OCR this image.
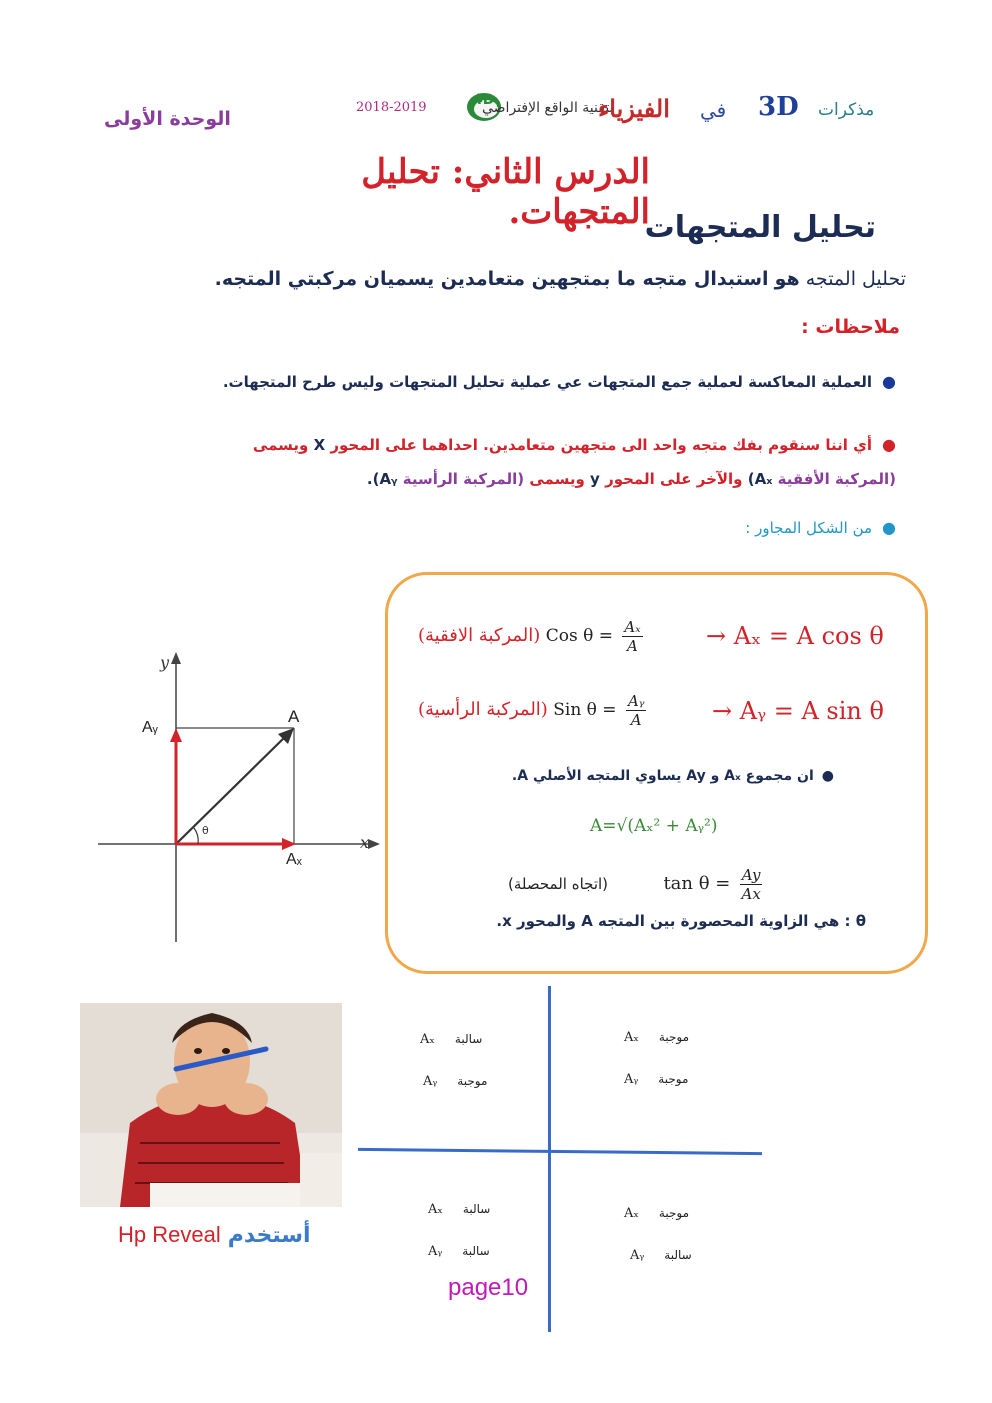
الوحدة الأولى
2018-2019	4D
بتقنية الواقع الإفتراضي
الفيزياء في 3D مذكرات
الدرس الثاني: تحليل المتجهات.
تحليل المتجهات
تحليل المتجه هو استبدال متجه ما بمتجهين متعامدين يسميان مركبتي المتجه.
ملاحظات :
●العملية المعاكسة لعملية جمع المتجهات عي عملية تحليل المتجهات وليس طرح المتجهات.
●أي اننا سنقوم بفك متجه واحد الى متجهين متعامدين. احداهما على المحور X ويسمى
(المركبة الأفقية Aₓ) والآخر على المحور y ويسمى (المركبة الرأسية Aᵧ).
●من الشكل المجاور :
θ
y
x
A
Aᵧ
Aₓ
(المركبة الافقية) Cos $\theta = \frac{\text{Aₓ}}{A}$	→ Aₓ = A cos θ
(المركبة الرأسية) Sin $\theta = \frac{\text{Aᵧ}}{A}$	→ Aᵧ = A sin θ
●ان مجموع Aₓ و Ay يساوي المتجه الأصلي A.
A=√(Aₓ² + Aᵧ²)
(اتجاه المحصلة)	$\tan \theta = \frac{Ay}{Ax}$
θ : هي الزاوية المحصورة بين المتجه A والمحور x.
Hp Reveal أستخدم
Aₓ سالبة
Aᵧ موجبة
Aₓ موجبة
Aᵧ موجبة
Aₓ سالبة
Aᵧ سالبة
Aₓ موجبة
Aᵧ سالبة
page10
